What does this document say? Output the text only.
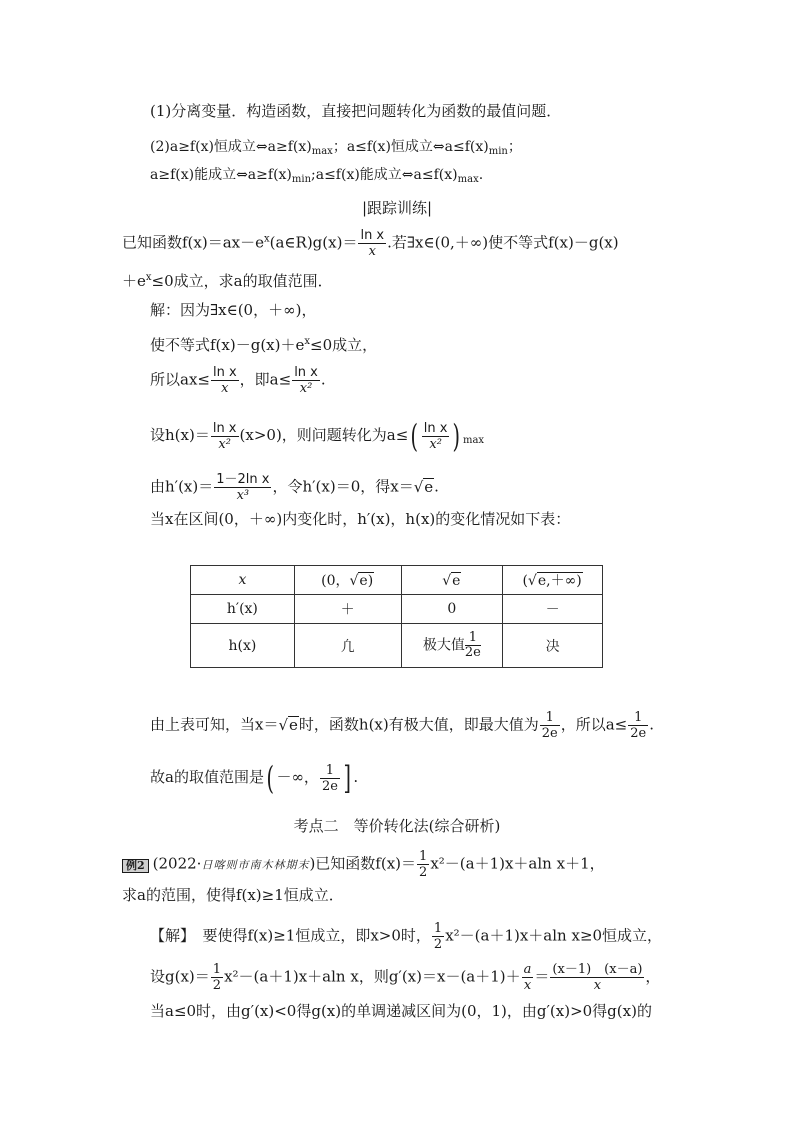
(1)分离变量．构造函数，直接把问题转化为函数的最值问题．
(2)a≥f(x)恒成立$\Leftrightarrow a\ge f(x)_{max}$；a≤f(x)恒成立$\Leftrightarrow a\le f(x)_{min}$；
a≥f(x)能成立$\Leftrightarrow a\ge f(x)_{min};a\le f(x)$能成立$\Leftrightarrow a\le f(x)_{max}$.
|跟踪训练|
已知函数$f(x)=ax-e^x(a\in R)g(x)= \frac{\text{ln x}}{x}$ .若∃x∈(0,＋∞)使不等式f(x)－g(x)
$+e^x\le 0$成立，求a的取值范围．
解：因为∃x∈(0，＋∞)，
使不等式$f(x)-g(x)+e^x\le 0$成立，
所以$ax\le \frac{\text{ln x}}{x}$ ，即$a\le \frac{\text{ln x}}{\text{x²}}$ .
设$h(x)= \frac{\text{ln x}}{\text{x²}} (x>0)$，则问题转化为$a\le( \frac{\text{ln x}}{\text{x²}}$ ) $_{max}$
由$h'(x)= \frac{\text{1－2ln x}}{\text{x³}}$ ，令h′(x)＝0，得x＝√e.
当x在区间(0，＋∞)内变化时，h′(x)，h(x)的变化情况如下表：
x	(0，√e)	√e	(√e,＋∞)
h′(x)	＋	0	－
h(x)	凢	极大值 $\frac{1}{2e}$	决
由上表可知，当x＝√e时，函数h(x)有极大值，即最大值为 $\frac{1}{2e}$ ，所以$a\le \frac{1}{2e}$ .
故a的取值范围是( －∞， $\frac{1}{2e}$ ] .
考点二　等价转化法(综合研析)
例2 (2022·日喀则市南木林期末)已知函数$f(x)= \frac{1}{2} x^2-(a+1)x+aln$ x＋1，
求a的范围，使得f(x)≥1恒成立．
【解】　要使得f(x)≥1恒成立，即x>0时， $\frac{1}{2} x^2-(a+1)x+aln$ x≥0恒成立，
设$g(x)= \frac{1}{2} x^2-(a+1)x+aln$ x，则$g'(x)=x-(a+1)+ \frac{a}{x} = \frac{(x-1) (x-a)}{x}$ ，
当a≤0时，由g′(x)<0得g(x)的单调递减区间为(0，1)，由g′(x)>0得g(x)的
